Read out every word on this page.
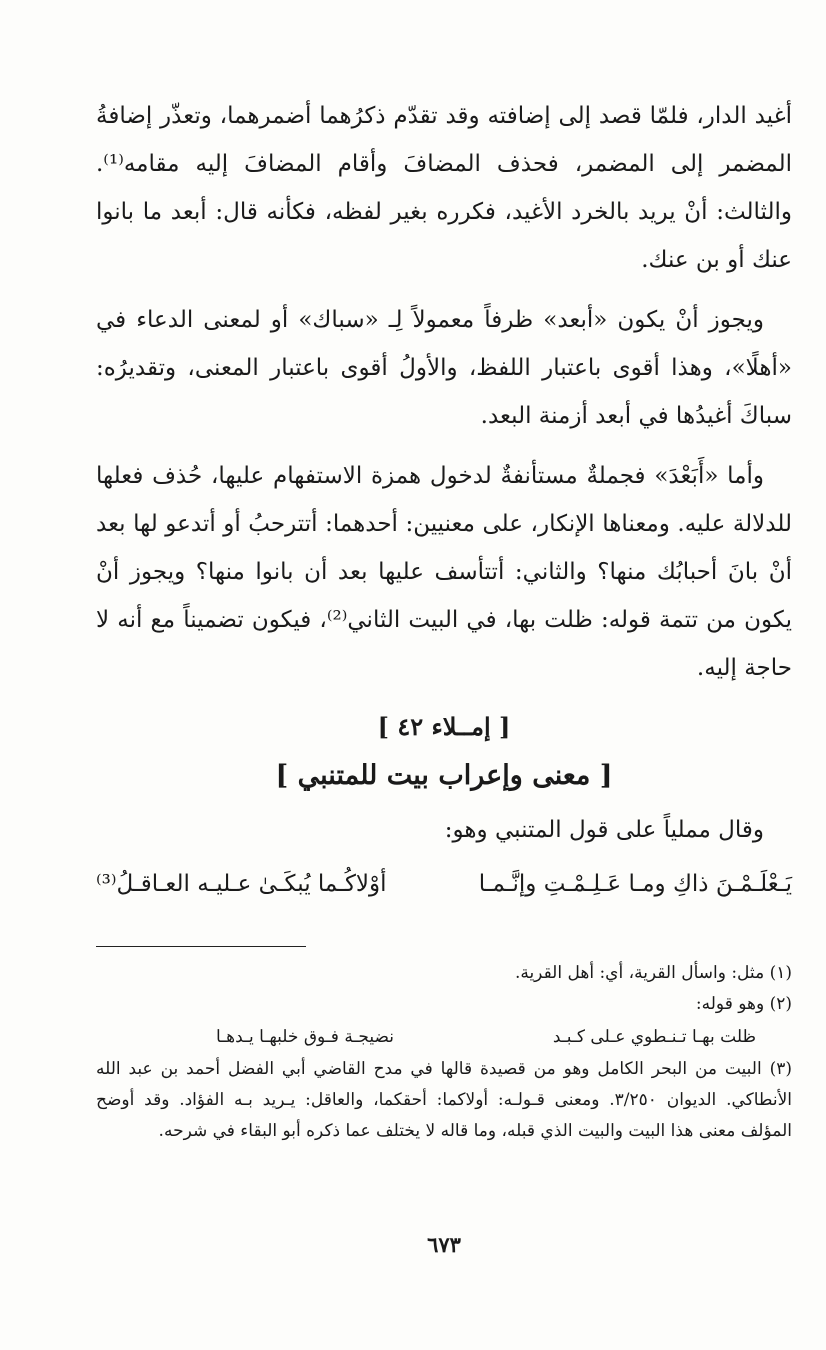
أغيد الدار، فلمّا قصد إلى إضافته وقد تقدّم ذكرُهما أضمرهما، وتعذّر إضافةُ المضمر إلى المضمر، فحذف المضافَ وأقام المضافَ إليه مقامه⁽¹⁾. والثالث: أنْ يريد بالخرد الأغيد، فكرره بغير لفظه، فكأنه قال: أبعد ما بانوا عنك أو بن عنك.

ويجوز أنْ يكون «أبعد» ظرفاً معمولاً لِـ «سباك» أو لمعنى الدعاء في «أهلًا»، وهذا أقوى باعتبار اللفظ، والأولُ أقوى باعتبار المعنى، وتقديرُه: سباكَ أغيدُها في أبعد أزمنة البعد.

وأما «أَبَعْدَ» فجملةٌ مستأنفةٌ لدخول همزة الاستفهام عليها، حُذف فعلها للدلالة عليه. ومعناها الإنكار، على معنيين: أحدهما: أتترحبُ أو أتدعو لها بعد أنْ بانَ أحبابُك منها؟ والثاني: أتتأسف عليها بعد أن بانوا منها؟ ويجوز أنْ يكون من تتمة قوله: ظلت بها، في البيت الثاني⁽²⁾، فيكون تضميناً مع أنه لا حاجة إليه.

[ إمــلاء ٤٢ ]
[ معنى وإعراب بيت للمتنبي ]

وقال مملياً على قول المتنبي وهو:

يَـعْلَـمْـنَ ذاكِ ومـا عَـلِـمْـتِ وإنَّـمـا
أوْلاكُـما يُبكَـىٰ عـليـه العـاقـلُ⁽³⁾

(١) مثل: واسأل القرية، أي: أهل القرية.

(٢) وهو قوله:

ظلت بهـا تـنـطوي عـلى كـبـد
نضيجـة فـوق خلبهـا يـدهـا

(٣) البيت من البحر الكامل وهو من قصيدة قالها في مدح القاضي أبي الفضل أحمد بن عبد الله الأنطاكي. الديوان ٣/٢٥٠. ومعنى قـولـه: أولاكما: أحقكما، والعاقل: يـريد بـه الفؤاد. وقد أوضح المؤلف معنى هذا البيت والبيت الذي قبله، وما قاله لا يختلف عما ذكره أبو البقاء في شرحه.

٦٧٣
